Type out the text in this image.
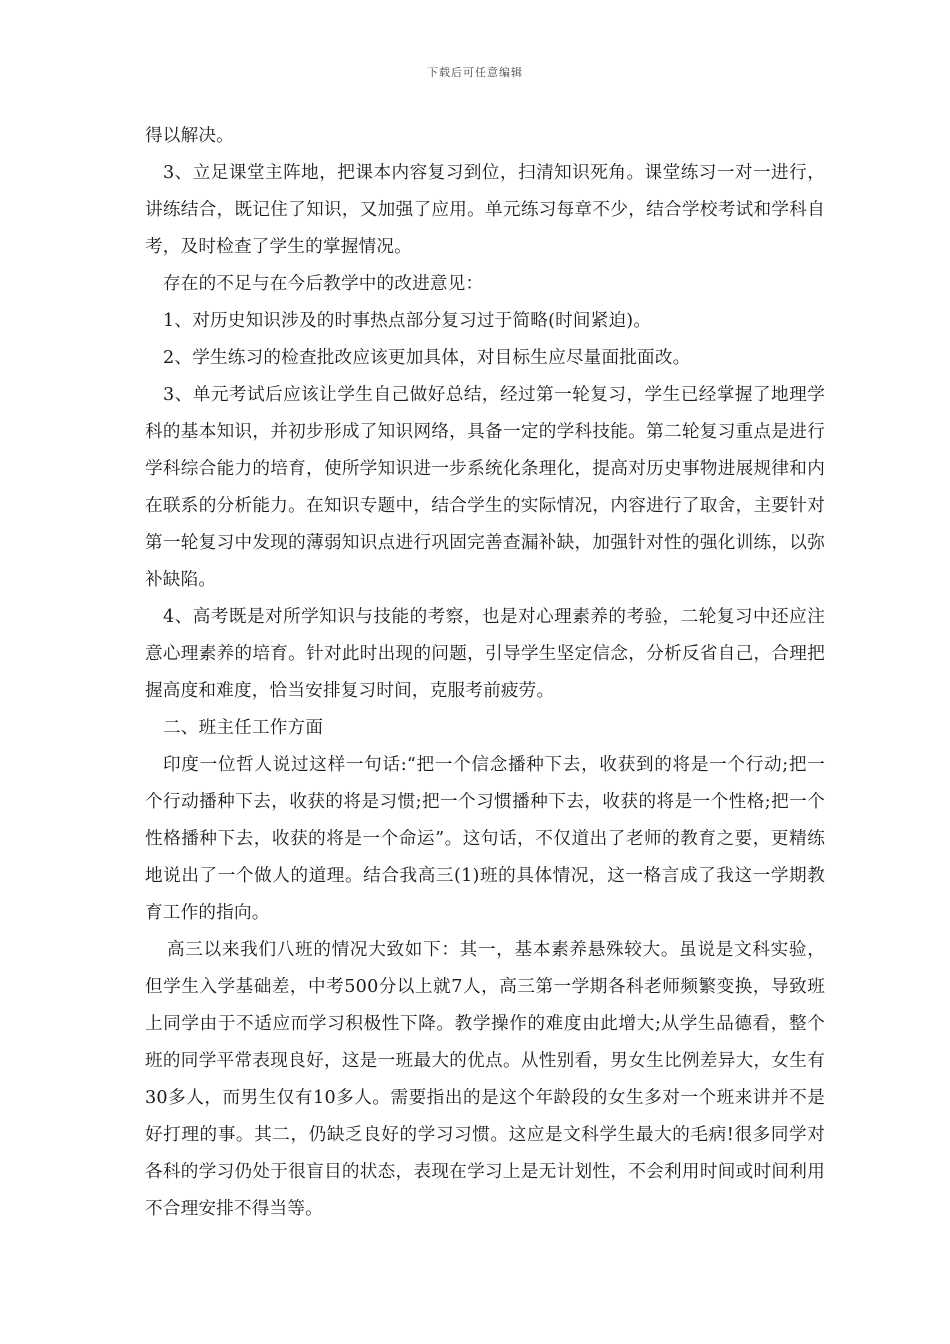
下载后可任意编辑

得以解决。

3、立足课堂主阵地，把课本内容复习到位，扫清知识死角。课堂练习一对一进行，讲练结合，既记住了知识，又加强了应用。单元练习每章不少，结合学校考试和学科自考，及时检查了学生的掌握情况。

存在的不足与在今后教学中的改进意见：

1、对历史知识涉及的时事热点部分复习过于简略(时间紧迫)。

2、学生练习的检查批改应该更加具体，对目标生应尽量面批面改。

3、单元考试后应该让学生自己做好总结，经过第一轮复习，学生已经掌握了地理学科的基本知识，并初步形成了知识网络，具备一定的学科技能。第二轮复习重点是进行学科综合能力的培育，使所学知识进一步系统化条理化，提高对历史事物进展规律和内在联系的分析能力。在知识专题中，结合学生的实际情况，内容进行了取舍，主要针对第一轮复习中发现的薄弱知识点进行巩固完善查漏补缺，加强针对性的强化训练，以弥补缺陷。

4、高考既是对所学知识与技能的考察，也是对心理素养的考验，二轮复习中还应注意心理素养的培育。针对此时出现的问题，引导学生坚定信念，分析反省自己，合理把握高度和难度，恰当安排复习时间，克服考前疲劳。

二、班主任工作方面

印度一位哲人说过这样一句话:“把一个信念播种下去，收获到的将是一个行动;把一个行动播种下去，收获的将是习惯;把一个习惯播种下去，收获的将是一个性格;把一个性格播种下去，收获的将是一个命运”。这句话，不仅道出了老师的教育之要，更精练地说出了一个做人的道理。结合我高三(1)班的具体情况，这一格言成了我这一学期教育工作的指向。

高三以来我们八班的情况大致如下：其一，基本素养悬殊较大。虽说是文科实验，但学生入学基础差，中考500分以上就7人，高三第一学期各科老师频繁变换，导致班上同学由于不适应而学习积极性下降。教学操作的难度由此增大;从学生品德看，整个班的同学平常表现良好，这是一班最大的优点。从性别看，男女生比例差异大，女生有30多人，而男生仅有10多人。需要指出的是这个年龄段的女生多对一个班来讲并不是好打理的事。其二，仍缺乏良好的学习习惯。这应是文科学生最大的毛病!很多同学对各科的学习仍处于很盲目的状态，表现在学习上是无计划性，不会利用时间或时间利用不合理安排不得当等。
